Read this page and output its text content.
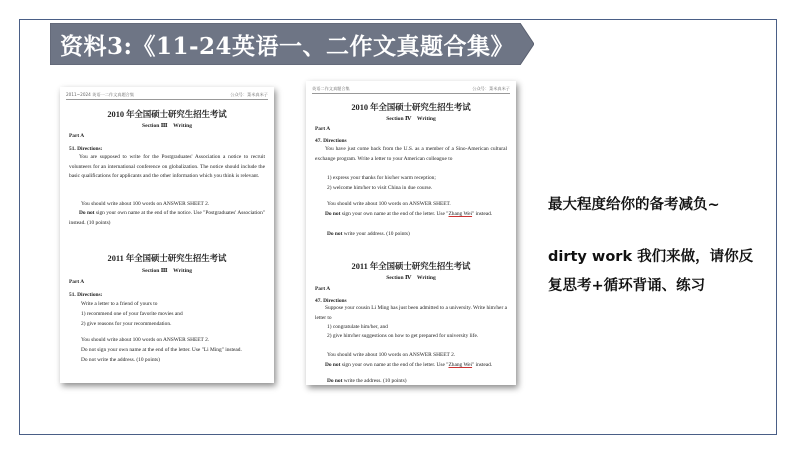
资料3:《11-24英语一、二作文真题合集》
2011~2024 英语一二作文真题合集	公众号：菜米真米子
2010 年全国硕士研究生招生考试
Section Ⅲ　Writing
Part A
51. Directions:
You are supposed to write for the Postgraduates' Association a notice to recruit volunteers for an international conference on globalization. The notice should include the basic qualifications for applicants and the other information which you think is relevant.
You should write about 100 words on ANSWER SHEET 2.
Do not sign your own name at the end of the notice. Use "Postgraduates' Association" instead. (10 points)
2011 年全国硕士研究生招生考试
Section Ⅲ　Writing
Part A
51. Directions:
Write a letter to a friend of yours to
1) recommend one of your favorite movies and
2) give reasons for your recommendation.
You should write about 100 words on ANSWER SHEET 2.
Do not sign your own name at the end of the letter. Use "Li Ming" instead.
Do not write the address. (10 points)
英语二作文真题合集	公众号：菜米真米子
2010 年全国硕士研究生招生考试
Section Ⅳ　Writing
Part A
47. Directions
You have just come back from the U.S. as a member of a Sino-American cultural exchange program. Write a letter to your American colleague to
1) express your thanks for his/her warm reception;
2) welcome him/her to visit China in due course.
You should write about 100 words on ANSWER SHEET.
Do not sign your own name at the end of the letter. Use "Zhang Wei" instead.
Do not write your address. (10 points)
2011 年全国硕士研究生招生考试
Section Ⅳ　Writing
Part A
47. Directions
Suppose your cousin Li Ming has just been admitted to a university. Write him/her a letter to
1) congratulate him/her, and
2) give him/her suggestions on how to get prepared for university life.
You should write about 100 words on ANSWER SHEET 2.
Do not sign your own name at the end of the letter. Use "Zhang Wei" instead.
Do not write the address. (10 points)
最大程度给你的备考减负~
dirty work 我们来做，请你反
复思考+循环背诵、练习
